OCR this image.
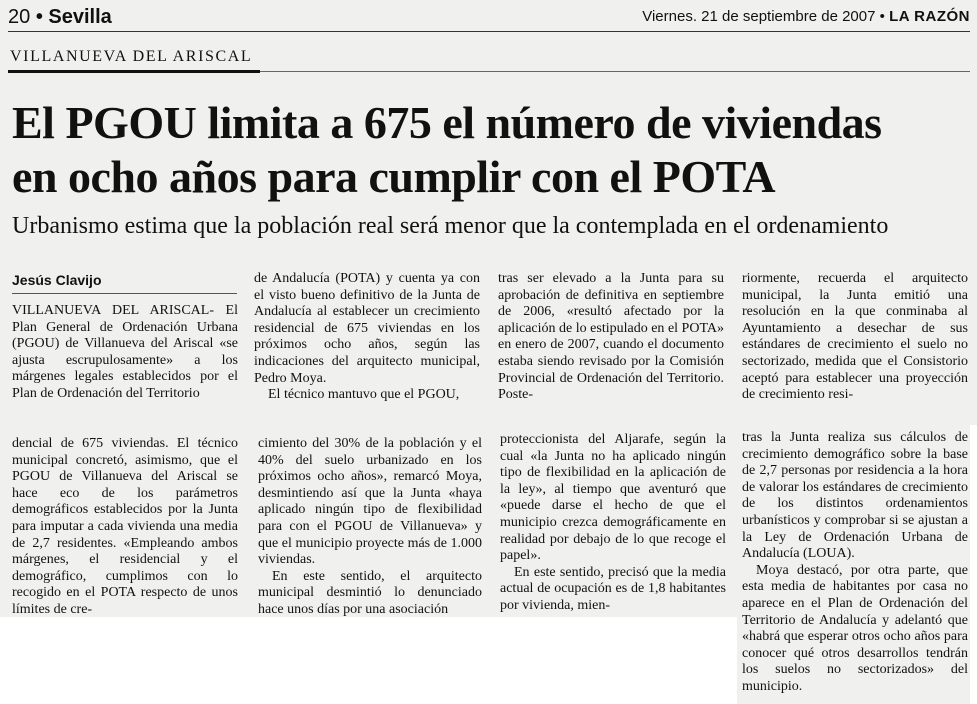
20 • Sevilla	Viernes. 21 de septiembre de 2007 • LA RAZÓN
VILLANUEVA DEL ARISCAL
El PGOU limita a 675 el número de viviendas
en ocho años para cumplir con el POTA
Urbanismo estima que la población real será menor que la contemplada en el ordenamiento
Jesús Clavijo

VILLANUEVA DEL ARISCAL- El Plan General de Ordenación Urbana (PGOU) de Villanueva del Ariscal «se ajusta escrupulosamente» a los márgenes legales establecidos por el Plan de Ordenación del Territorio

de Andalucía (POTA) y cuenta ya con el visto bueno definitivo de la Junta de Andalucía al establecer un crecimiento residencial de 675 viviendas en los próximos ocho años, según las indicaciones del arquitecto municipal, Pedro Moya.

El técnico mantuvo que el PGOU,

tras ser elevado a la Junta para su aprobación de definitiva en septiembre de 2006, «resultó afectado por la aplicación de lo estipulado en el POTA» en enero de 2007, cuando el documento estaba siendo revisado por la Comisión Provincial de Ordenación del Territorio. Poste-

riormente, recuerda el arquitecto municipal, la Junta emitió una resolución en la que conminaba al Ayuntamiento a desechar de sus estándares de crecimiento el suelo no sectorizado, medida que el Consistorio aceptó para establecer una proyección de crecimiento resi-

dencial de 675 viviendas. El técnico municipal concretó, asimismo, que el PGOU de Villanueva del Ariscal se hace eco de los parámetros demográficos establecidos por la Junta para imputar a cada vivienda una media de 2,7 residentes. «Empleando ambos márgenes, el residencial y el demográfico, cumplimos con lo recogido en el POTA respecto de unos límites de cre-

cimiento del 30% de la población y el 40% del suelo urbanizado en los próximos ocho años», remarcó Moya, desmintiendo así que la Junta «haya aplicado ningún tipo de flexibilidad para con el PGOU de Villanueva» y que el municipio proyecte más de 1.000 viviendas.

En este sentido, el arquitecto municipal desmintió lo denunciado hace unos días por una asociación

proteccionista del Aljarafe, según la cual «la Junta no ha aplicado ningún tipo de flexibilidad en la aplicación de la ley», al tiempo que aventuró que «puede darse el hecho de que el municipio crezca demográficamente en realidad por debajo de lo que recoge el papel».

En este sentido, precisó que la media actual de ocupación es de 1,8 habitantes por vivienda, mien-

tras la Junta realiza sus cálculos de crecimiento demográfico sobre la base de 2,7 personas por residencia a la hora de valorar los estándares de crecimiento de los distintos ordenamientos urbanísticos y comprobar si se ajustan a la Ley de Ordenación Urbana de Andalucía (LOUA).

Moya destacó, por otra parte, que esta media de habitantes por casa no aparece en el Plan de Ordenación del Territorio de Andalucía y adelantó que «habrá que esperar otros ocho años para conocer qué otros desarrollos tendrán los suelos no sectorizados» del municipio.
